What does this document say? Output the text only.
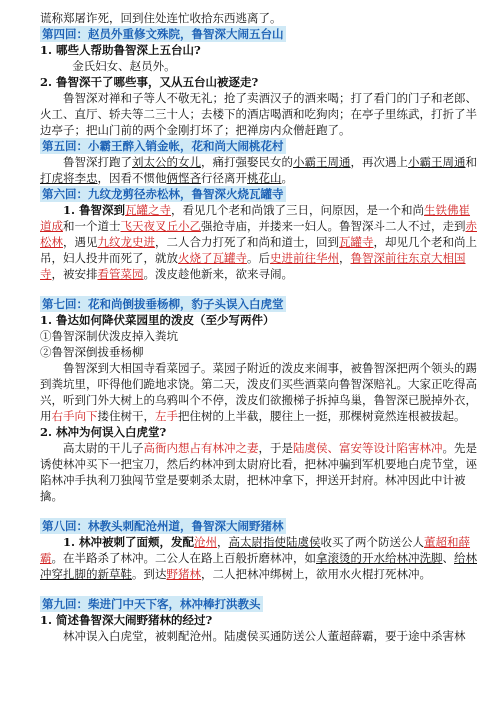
谎称郑屠诈死，回到住处连忙收拾东西逃离了。

第四回：赵员外重修文殊院，鲁智深大闹五台山

1. 哪些人帮助鲁智深上五台山?

金氏妇女、赵员外。

2. 鲁智深干了哪些事，又从五台山被逐走?

鲁智深对禅和子等人不敬无礼；抢了卖酒汉子的酒来喝；打了看门的门子和老郎、火工、直厅、轿夫等二三十人；去楼下的酒店喝酒和吃狗肉；在亭子里练武，打折了半边亭子；把山门前的两个金刚打坏了；把禅房内众僧赶跑了。

第五回：小霸王醉入销金帐，花和尚大闹桃花村

鲁智深打跑了刘太公的女儿，痛打强娶民女的小霸王周通，再次遇上小霸王周通和打虎将李忠，因看不惯他俩悭吝行径离开桃花山。

第六回：九纹龙剪径赤松林，鲁智深火烧瓦罐寺

1. 鲁智深到瓦罐之寺，看见几个老和尚饿了三日，问原因，是一个和尚生铁佛崔道成和一个道士飞天夜叉丘小乙强抢寺庙，并搂来一妇人。鲁智深斗二人不过，走到赤松林，遇见九纹龙史进，二人合力打死了和尚和道士，回到瓦罐寺，却见几个老和尚上吊，妇人投井而死了，就放火烧了瓦罐寺。后史进前往华州，鲁智深前往东京大相国寺，被安排看管菜园。泼皮趁他新来，欲来寻闹。

第七回：花和尚倒拔垂杨柳，豹子头误入白虎堂

1. 鲁达如何降伏菜园里的泼皮（至少写两件）

①鲁智深制伏泼皮掉入粪坑

②鲁智深倒拔垂杨柳

鲁智深到大相国寺看菜园子。菜园子附近的泼皮来闹事，被鲁智深把两个领头的踢到粪坑里，吓得他们跪地求饶。第二天，泼皮们买些酒菜向鲁智深赔礼。大家正吃得高兴，听到门外大树上的乌鸦叫个不停，泼皮们欲搬梯子拆掉鸟巢，鲁智深已脱掉外衣，用右手向下搂住树干，左手把住树的上半截，腰往上一挺，那棵树竟然连根被拔起。

2. 林冲为何误入白虎堂?

高太尉的干儿子高衙内想占有林冲之妻，于是陆虞侯、富安等设计陷害林冲。先是诱使林冲买下一把宝刀，然后约林冲到太尉府比看，把林冲骗到军机要地白虎节堂，诬陷林冲手执利刀独闯节堂是要刺杀太尉，把林冲拿下，押送开封府。林冲因此中计被擒。

第八回：林教头刺配沧州道，鲁智深大闹野猪林

1. 林冲被刺了面颊，发配沧州，高太尉指使陆虞侯收买了两个防送公人董超和薛霸。在半路杀了林冲。二公人在路上百般折磨林冲，如拿滚烫的开水给林冲洗脚、给林冲穿扎脚的新草鞋。到达野猪林，二人把林冲绑树上，欲用水火棍打死林冲。

第九回：柴进门中天下客，林冲棒打洪教头

1. 简述鲁智深大闹野猪林的经过?

林冲误入白虎堂，被刺配沧州。陆虞侯买通防送公人董超薛霸，要于途中杀害林
